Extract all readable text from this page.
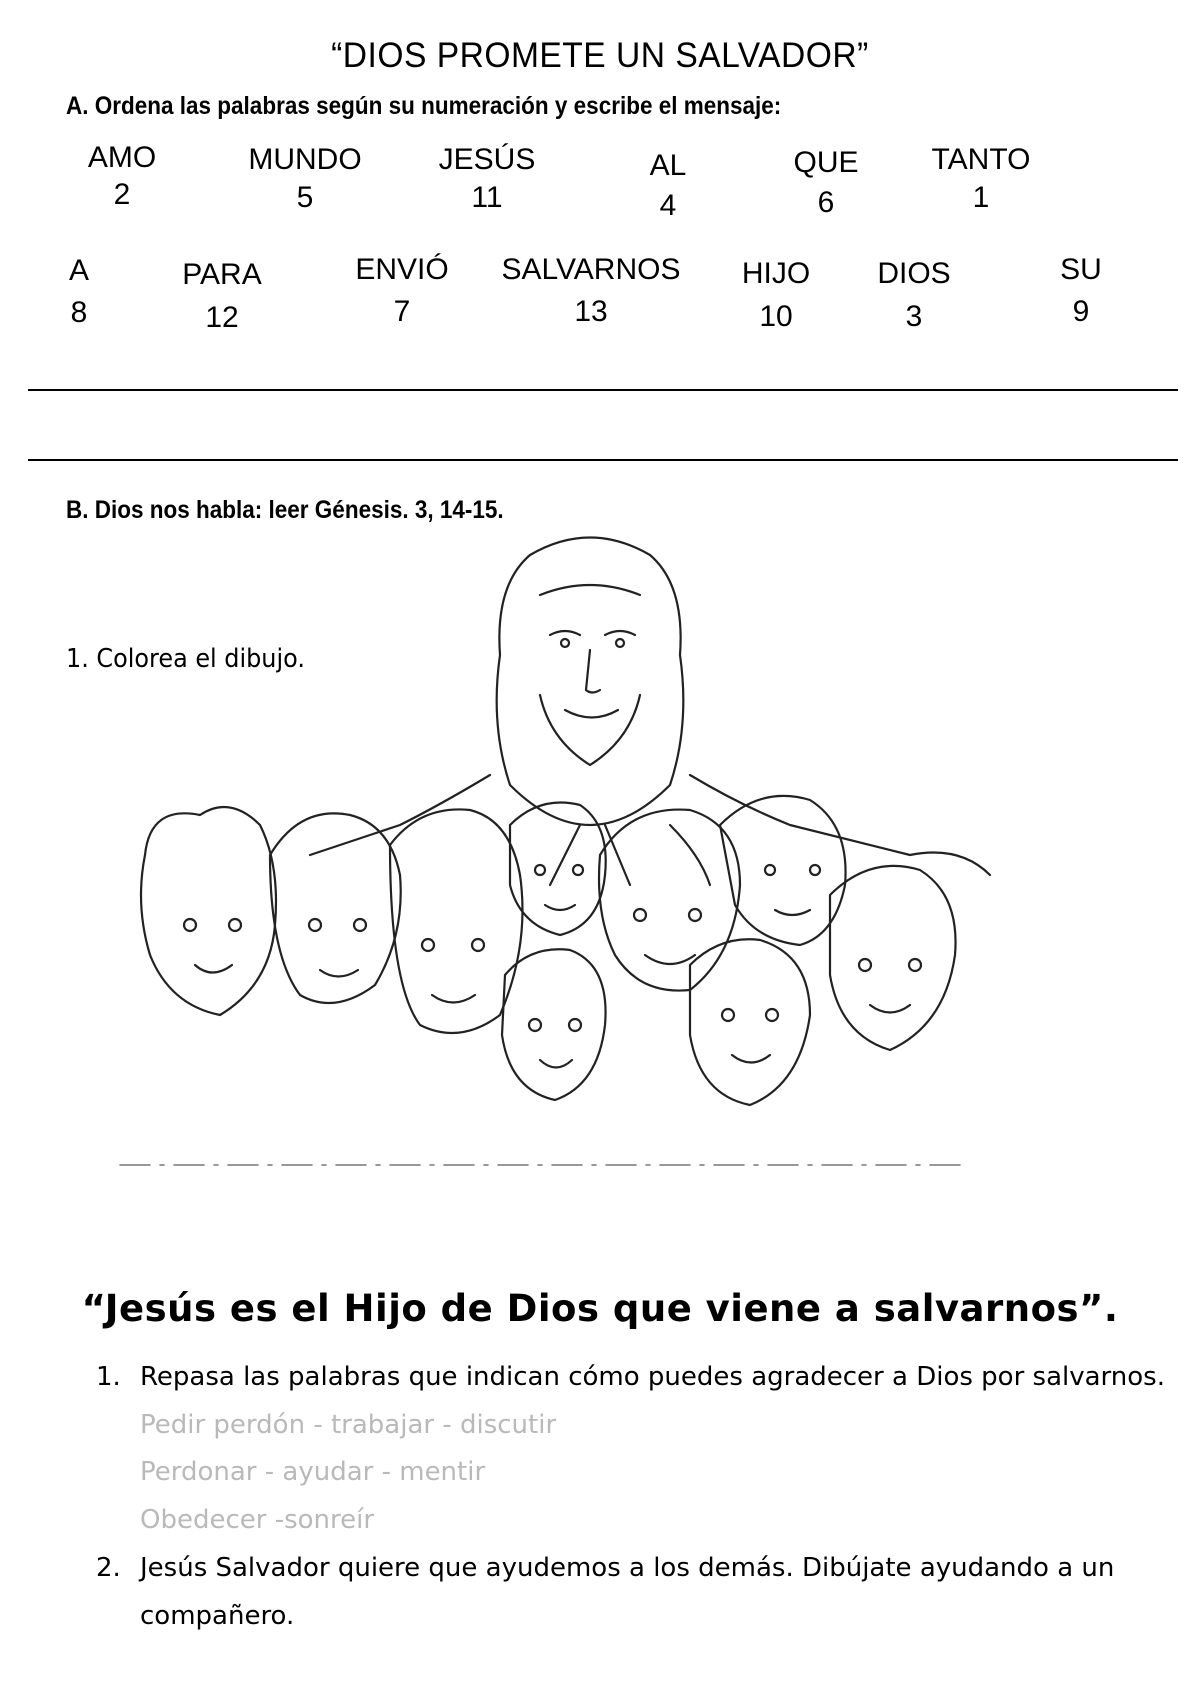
“DIOS PROMETE UN SALVADOR”
A. Ordena las palabras según su numeración y escribe el mensaje:
AMO
2
MUNDO
5
JESÚS
11
AL
4
QUE
6
TANTO
1
A
8
PARA
12
ENVIÓ
7
SALVARNOS
13
HIJO
10
DIOS
3
SU
9
B. Dios nos habla: leer Génesis. 3, 14-15.
1. Colorea el dibujo.
“Jesús es el Hijo de Dios que viene a salvarnos”.
1. Repasa las palabras que indican cómo puedes agradecer a Dios por salvarnos.
Pedir perdón - trabajar - discutir
Perdonar - ayudar - mentir
Obedecer -sonreír
2. Jesús Salvador quiere que ayudemos a los demás. Dibújate ayudando a un
compañero.
